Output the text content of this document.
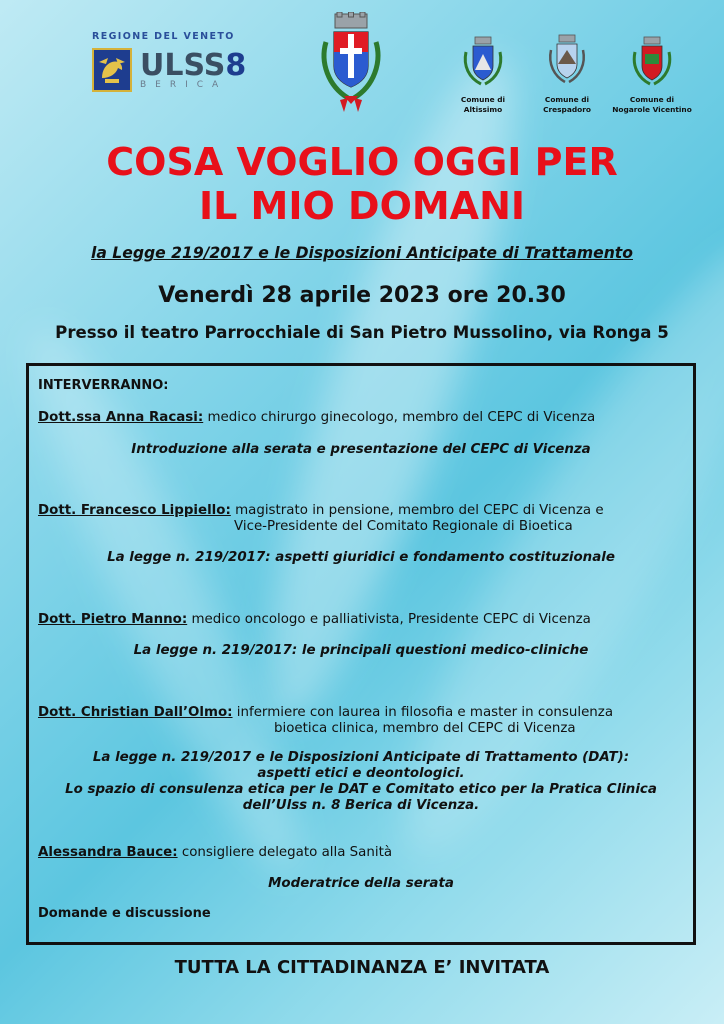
REGIONE DEL VENETO
ULSS8
BERICA
Comune di
Altissimo
Comune di
Crespadoro
Comune di
Nogarole Vicentino
COSA VOGLIO OGGI PER
IL MIO DOMANI
la Legge 219/2017 e le Disposizioni Anticipate di Trattamento
Venerdì 28 aprile 2023 ore 20.30
Presso il teatro Parrocchiale di San Pietro Mussolino, via Ronga 5
INTERVERRANNO:
Dott.ssa Anna Racasi: medico chirurgo ginecologo, membro del CEPC di Vicenza
Introduzione alla serata e presentazione del CEPC di Vicenza
Dott. Francesco Lippiello: magistrato in pensione, membro del CEPC di Vicenza e
Vice-Presidente del Comitato Regionale di Bioetica
La legge n. 219/2017: aspetti giuridici e fondamento costituzionale
Dott. Pietro Manno: medico oncologo e palliativista, Presidente CEPC di Vicenza
La legge n. 219/2017: le principali questioni medico-cliniche
Dott. Christian Dall’Olmo: infermiere con laurea in filosofia e master in consulenza
bioetica clinica, membro del CEPC di Vicenza
La legge n. 219/2017 e le Disposizioni Anticipate di Trattamento (DAT):
aspetti etici e deontologici.
Lo spazio di consulenza etica per le DAT e Comitato etico per la Pratica Clinica
dell’Ulss n. 8 Berica di Vicenza.
Alessandra Bauce: consigliere delegato alla Sanità
Moderatrice della serata
Domande e discussione
TUTTA LA CITTADINANZA E’ INVITATA
